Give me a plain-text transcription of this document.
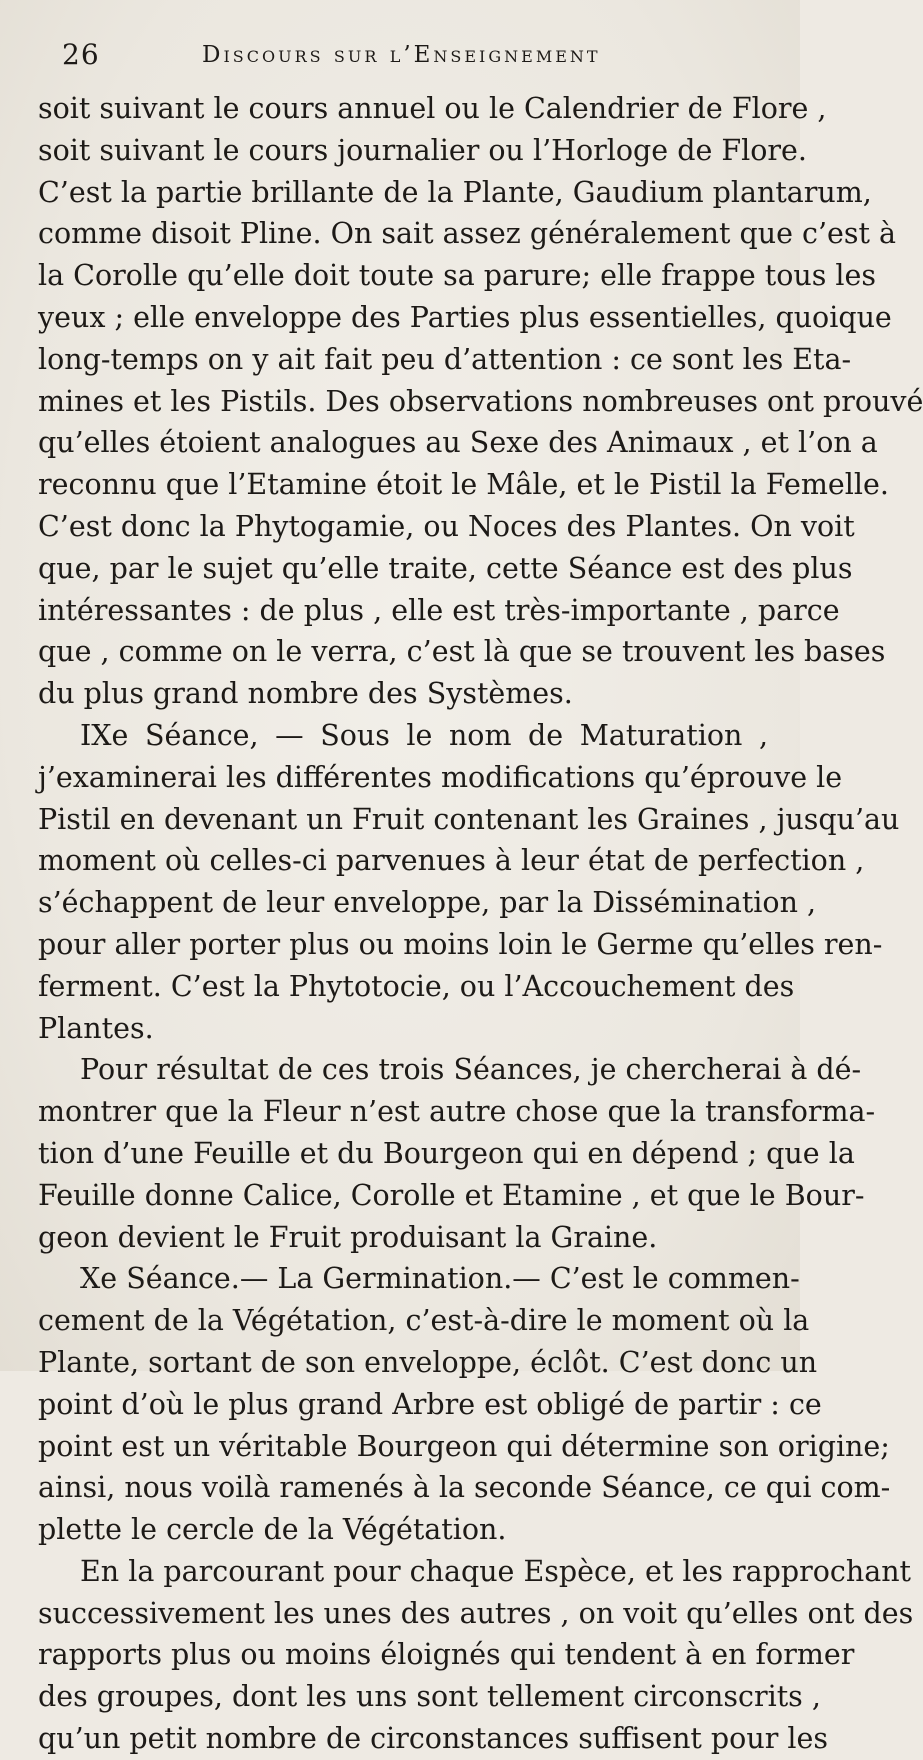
26	Discours sur l’Enseignement
soit suivant le cours annuel ou le Calendrier de Flore ,
soit suivant le cours journalier ou l’Horloge de Flore.
C’est la partie brillante de la Plante, Gaudium plantarum,
comme disoit Pline. On sait assez généralement que c’est à
la Corolle qu’elle doit toute sa parure; elle frappe tous les
yeux ; elle enveloppe des Parties plus essentielles, quoique
long-temps on y ait fait peu d’attention : ce sont les Eta-
mines et les Pistils. Des observations nombreuses ont prouvé
qu’elles étoient analogues au Sexe des Animaux , et l’on a
reconnu que l’Etamine étoit le Mâle, et le Pistil la Femelle.
C’est donc la Phytogamie, ou Noces des Plantes. On voit
que, par le sujet qu’elle traite, cette Séance est des plus
intéressantes : de plus , elle est très-importante , parce
que , comme on le verra, c’est là que se trouvent les bases
du plus grand nombre des Systèmes.
IXe Séance, — Sous le nom de Maturation ,
j’examinerai les différentes modifications qu’éprouve le
Pistil en devenant un Fruit contenant les Graines , jusqu’au
moment où celles-ci parvenues à leur état de perfection ,
s’échappent de leur enveloppe, par la Dissémination ,
pour aller porter plus ou moins loin le Germe qu’elles ren-
ferment. C’est la Phytotocie, ou l’Accouchement des
Plantes.
Pour résultat de ces trois Séances, je chercherai à dé-
montrer que la Fleur n’est autre chose que la transforma-
tion d’une Feuille et du Bourgeon qui en dépend ; que la
Feuille donne Calice, Corolle et Etamine , et que le Bour-
geon devient le Fruit produisant la Graine.
Xe Séance.— La Germination.— C’est le commen-
cement de la Végétation, c’est-à-dire le moment où la
Plante, sortant de son enveloppe, éclôt. C’est donc un
point d’où le plus grand Arbre est obligé de partir : ce
point est un véritable Bourgeon qui détermine son origine;
ainsi, nous voilà ramenés à la seconde Séance, ce qui com-
plette le cercle de la Végétation.
En la parcourant pour chaque Espèce, et les rapprochant
successivement les unes des autres , on voit qu’elles ont des
rapports plus ou moins éloignés qui tendent à en former
des groupes, dont les uns sont tellement circonscrits ,
qu’un petit nombre de circonstances suffisent pour les
